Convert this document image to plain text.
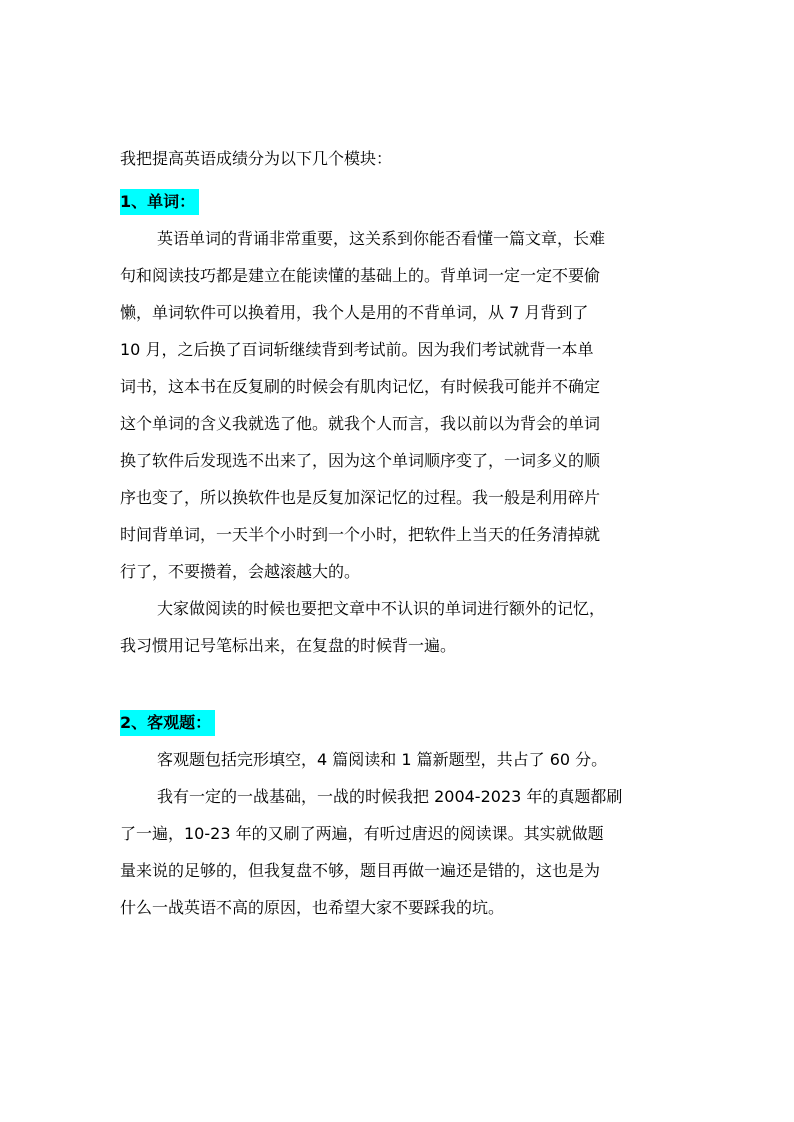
我把提高英语成绩分为以下几个模块：

1、单词：

英语单词的背诵非常重要，这关系到你能否看懂一篇文章，长难

句和阅读技巧都是建立在能读懂的基础上的。背单词一定一定不要偷

懒，单词软件可以换着用，我个人是用的不背单词，从 7 月背到了

10 月，之后换了百词斩继续背到考试前。因为我们考试就背一本单

词书，这本书在反复刷的时候会有肌肉记忆，有时候我可能并不确定

这个单词的含义我就选了他。就我个人而言，我以前以为背会的单词

换了软件后发现选不出来了，因为这个单词顺序变了，一词多义的顺

序也变了，所以换软件也是反复加深记忆的过程。我一般是利用碎片

时间背单词，一天半个小时到一个小时，把软件上当天的任务清掉就

行了，不要攒着，会越滚越大的。

大家做阅读的时候也要把文章中不认识的单词进行额外的记忆，

我习惯用记号笔标出来，在复盘的时候背一遍。

2、客观题：

客观题包括完形填空，4 篇阅读和 1 篇新题型，共占了 60 分。

我有一定的一战基础，一战的时候我把 2004-2023 年的真题都刷

了一遍，10-23 年的又刷了两遍，有听过唐迟的阅读课。其实就做题

量来说的足够的，但我复盘不够，题目再做一遍还是错的，这也是为

什么一战英语不高的原因，也希望大家不要踩我的坑。
